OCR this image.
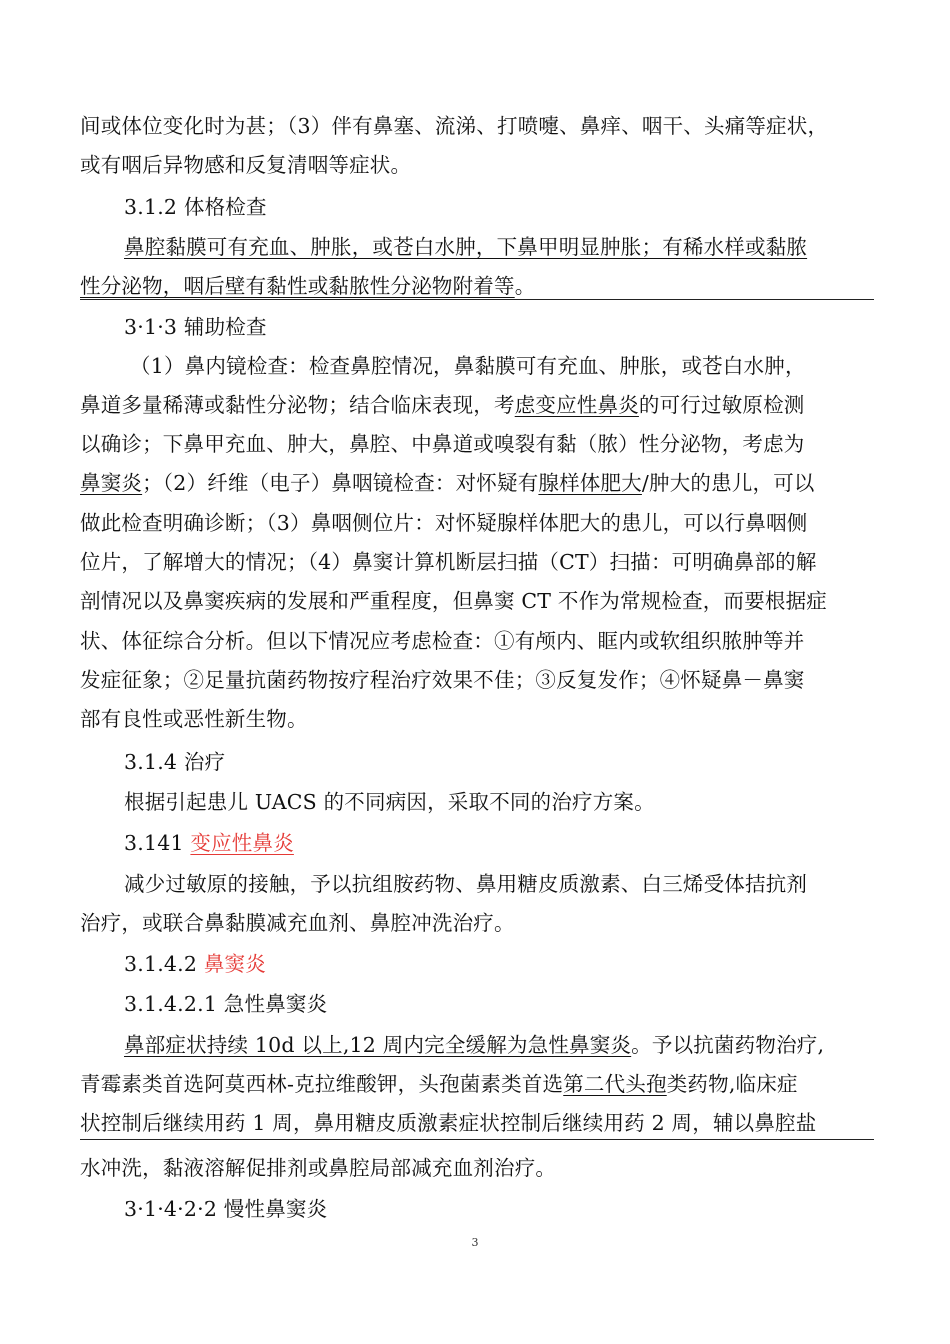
间或体位变化时为甚；（3）伴有鼻塞、流涕、打喷嚏、鼻痒、咽干、头痛等症状，
或有咽后异物感和反复清咽等症状。
3.1.2 体格检查
鼻腔黏膜可有充血、肿胀，或苍白水肿，下鼻甲明显肿胀；有稀水样或黏脓
性分泌物，咽后壁有黏性或黏脓性分泌物附着等。
3·1·3 辅助检查
（1）鼻内镜检查：检查鼻腔情况，鼻黏膜可有充血、肿胀，或苍白水肿，
鼻道多量稀薄或黏性分泌物；结合临床表现，考虑变应性鼻炎的可行过敏原检测
以确诊；下鼻甲充血、肿大，鼻腔、中鼻道或嗅裂有黏（脓）性分泌物，考虑为
鼻窦炎；（2）纤维（电子）鼻咽镜检查：对怀疑有腺样体肥大/肿大的患儿，可以
做此检查明确诊断；（3）鼻咽侧位片：对怀疑腺样体肥大的患儿，可以行鼻咽侧
位片，了解增大的情况；（4）鼻窦计算机断层扫描（CT）扫描：可明确鼻部的解
剖情况以及鼻窦疾病的发展和严重程度，但鼻窦 CT 不作为常规检查，而要根据症
状、体征综合分析。但以下情况应考虑检查：①有颅内、眶内或软组织脓肿等并
发症征象；②足量抗菌药物按疗程治疗效果不佳；③反复发作；④怀疑鼻－鼻窦
部有良性或恶性新生物。
3.1.4 治疗
根据引起患儿 UACS 的不同病因，采取不同的治疗方案。
3.141 变应性鼻炎
减少过敏原的接触，予以抗组胺药物、鼻用糖皮质激素、白三烯受体拮抗剂
治疗，或联合鼻黏膜减充血剂、鼻腔冲洗治疗。
3.1.4.2 鼻窦炎
3.1.4.2.1 急性鼻窦炎
鼻部症状持续 10d 以上,12 周内完全缓解为急性鼻窦炎。予以抗菌药物治疗,
青霉素类首选阿莫西林-克拉维酸钾，头孢菌素类首选第二代头孢类药物,临床症
状控制后继续用药 1 周，鼻用糖皮质激素症状控制后继续用药 2 周，辅以鼻腔盐
水冲洗，黏液溶解促排剂或鼻腔局部减充血剂治疗。
3·1·4·2·2 慢性鼻窦炎
3
